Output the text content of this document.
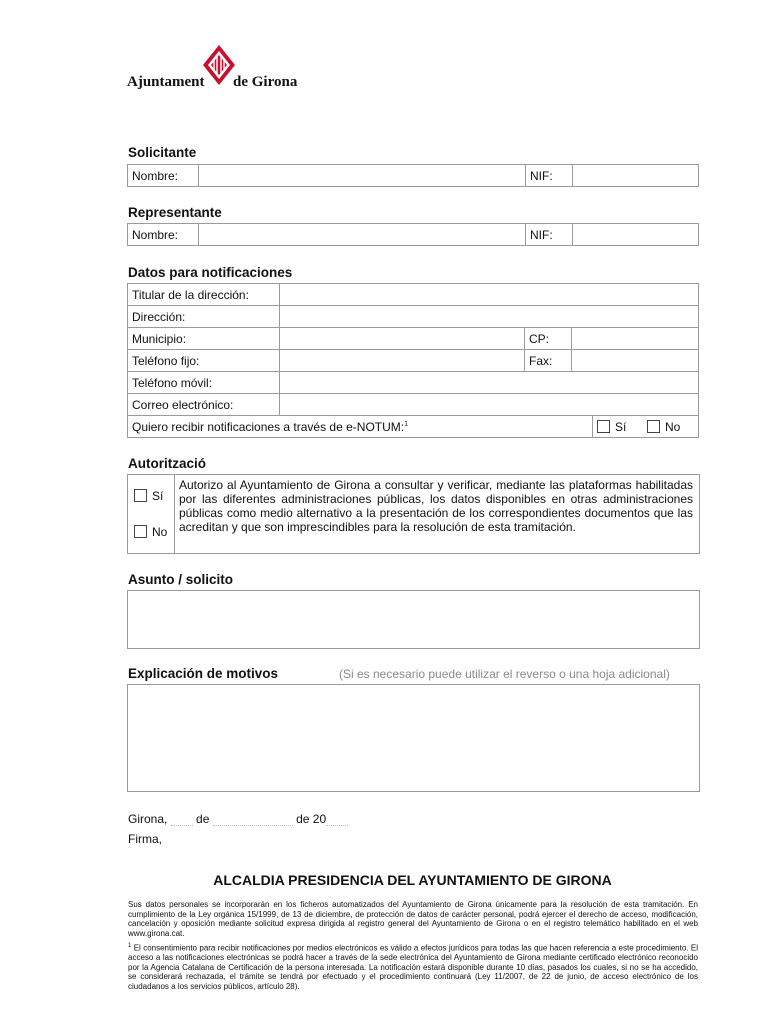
Ajuntament de Girona
Solicitante
Nombre:		NIF:	
Representante
Nombre:		NIF:	
Datos para notificaciones
Titular de la dirección:			
Dirección:			
Municipio:		CP:	
Teléfono fijo:		Fax:	
Teléfono móvil:			
Correo electrónico:			
Quiero recibir notificaciones a través de e-NOTUM:$^1$	Sí	No
Autorització
Sí
No
Autorizo al Ayuntamiento de Girona a consultar y verificar, mediante las plataformas habilitadas por las diferentes administraciones públicas, los datos disponibles en otras administraciones públicas como medio alternativo a la presentación de los correspondientes documentos que las acreditan y que son imprescindibles para la resolución de esta tramitación.
Asunto / solicito
Explicación de motivos	(Si es necesario puede utilizar el reverso o una hoja adicional)
Girona, de	de 20
Firma,
ALCALDIA PRESIDENCIA DEL AYUNTAMIENTO DE GIRONA
Sus datos personales se incorporarán en los ficheros automatizados del Ayuntamiento de Girona únicamente para la resolución de esta tramitación. En cumplimiento de la Ley orgánica 15/1999, de 13 de diciembre, de protección de datos de carácter personal, podrá ejercer el derecho de acceso, modificación, cancelación y oposición mediante solicitud expresa dirigida al registro general del Ayuntamiento de Girona o en el registro telemático habilitado en el web www.girona.cat.
$^1$ El consentimiento para recibir notificaciones por medios electrónicos es válido a efectos jurídicos para todas las que hacen referencia a este procedimiento. El acceso a las notificaciones electrónicas se podrá hacer a través de la sede electrónica del Ayuntamiento de Girona mediante certificado electrónico reconocido por la Agencia Catalana de Certificación de la persona interesada. La notificación estará disponible durante 10 días, pasados los cuales, si no se ha accedido, se considerará rechazada, el trámite se tendrá por efectuado y el procedimiento continuará (Ley 11/2007, de 22 de junio, de acceso electrónico de los ciudadanos a los servicios públicos, artículo 28).
